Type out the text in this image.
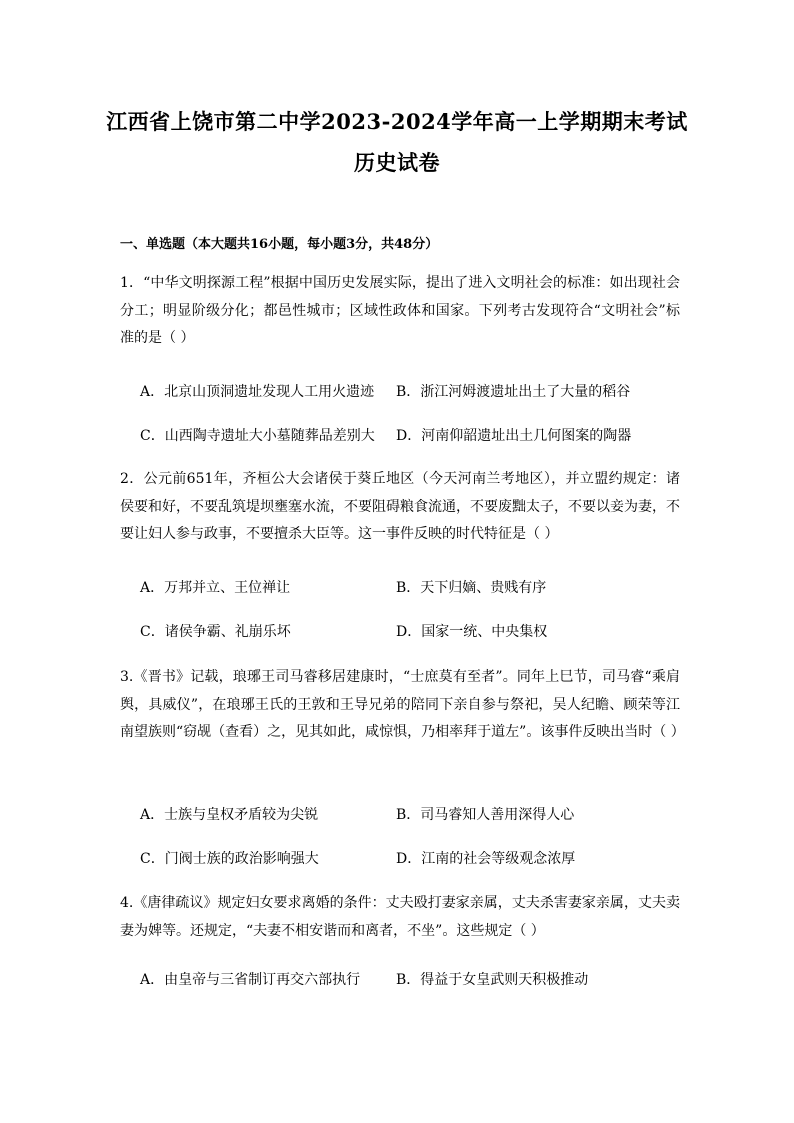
江西省上饶市第二中学2023-2024学年高一上学期期末考试
历史试卷
一、单选题（本大题共16小题，每小题3分，共48分）
1．“中华文明探源工程”根据中国历史发展实际，提出了进入文明社会的标准：如出现社会分工；明显阶级分化；都邑性城市；区域性政体和国家。下列考古发现符合“文明社会”标准的是（ ）
A．北京山顶洞遗址发现人工用火遗迹 B．浙江河姆渡遗址出土了大量的稻谷
C．山西陶寺遗址大小墓随葬品差别大 D．河南仰韶遗址出土几何图案的陶器
2．公元前651年，齐桓公大会诸侯于葵丘地区（今天河南兰考地区），并立盟约规定：诸侯要和好，不要乱筑堤坝壅塞水流，不要阻碍粮食流通，不要废黜太子，不要以妾为妻，不要让妇人参与政事，不要擅杀大臣等。这一事件反映的时代特征是（ ）
A．万邦并立、王位禅让	B．天下归嫡、贵贱有序
C．诸侯争霸、礼崩乐坏	D．国家一统、中央集权
3.《晋书》记载，琅琊王司马睿移居建康时，“士庶莫有至者”。同年上巳节，司马睿“乘肩舆，具威仪”，在琅琊王氏的王敦和王导兄弟的陪同下亲自参与祭祀，吴人纪瞻、顾荣等江南望族则“窃觇（查看）之，见其如此，咸惊惧，乃相率拜于道左”。该事件反映出当时（ ）
A．士族与皇权矛盾较为尖锐	B．司马睿知人善用深得人心
C．门阀士族的政治影响强大	D．江南的社会等级观念浓厚
4.《唐律疏议》规定妇女要求离婚的条件：丈夫殴打妻家亲属，丈夫杀害妻家亲属，丈夫卖妻为婢等。还规定，“夫妻不相安谐而和离者，不坐”。这些规定（ ）
A．由皇帝与三省制订再交六部执行	B．得益于女皇武则天积极推动
